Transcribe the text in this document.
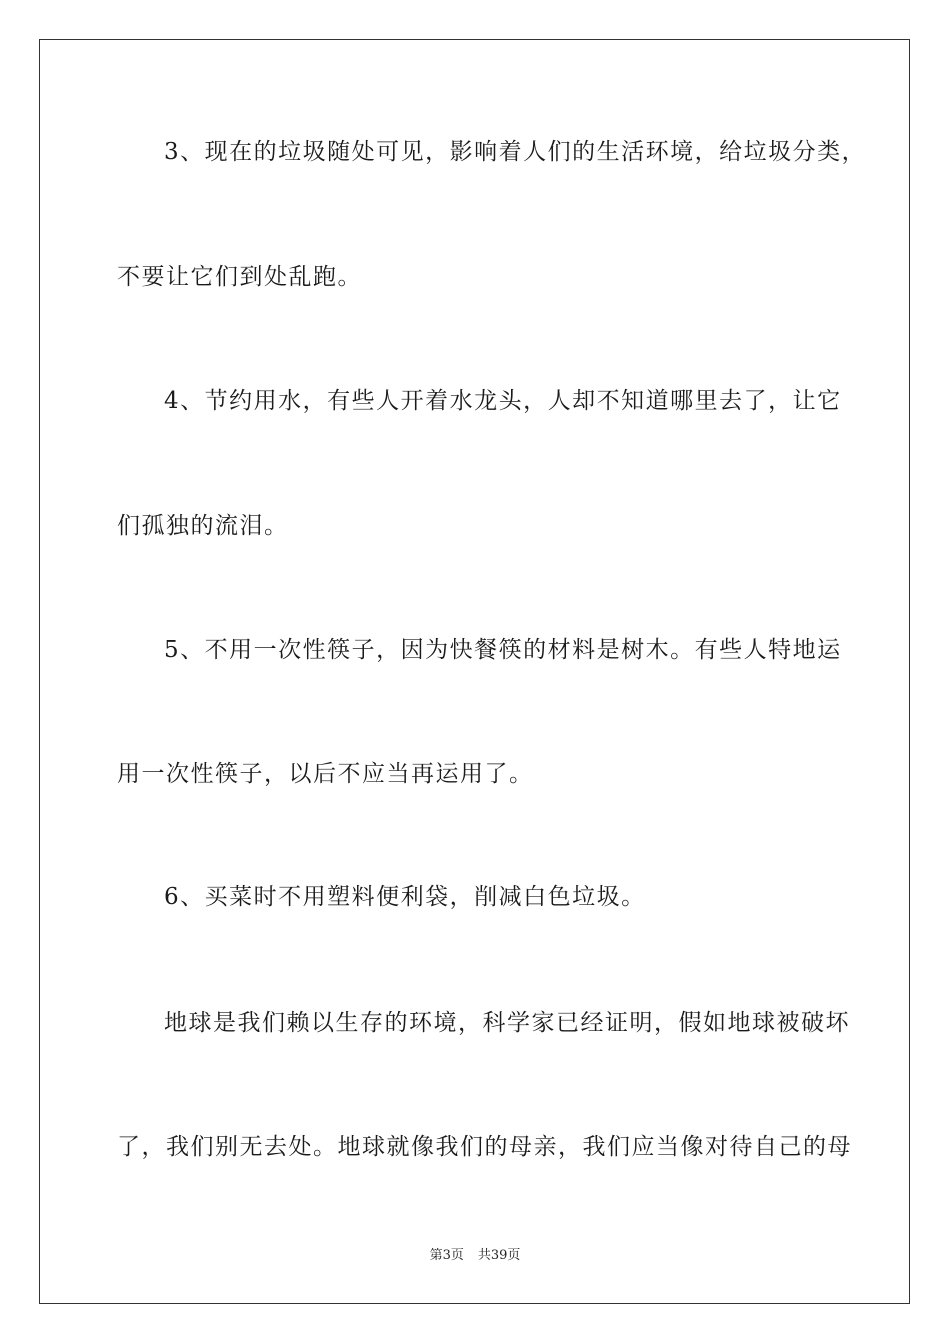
3、现在的垃圾随处可见，影响着人们的生活环境，给垃圾分类，
不要让它们到处乱跑。
4、节约用水，有些人开着水龙头，人却不知道哪里去了，让它
们孤独的流泪。
5、不用一次性筷子，因为快餐筷的材料是树木。有些人特地运
用一次性筷子，以后不应当再运用了。
6、买菜时不用塑料便利袋，削减白色垃圾。
地球是我们赖以生存的环境，科学家已经证明，假如地球被破坏
了，我们别无去处。地球就像我们的母亲，我们应当像对待自己的母
第3页 共39页
